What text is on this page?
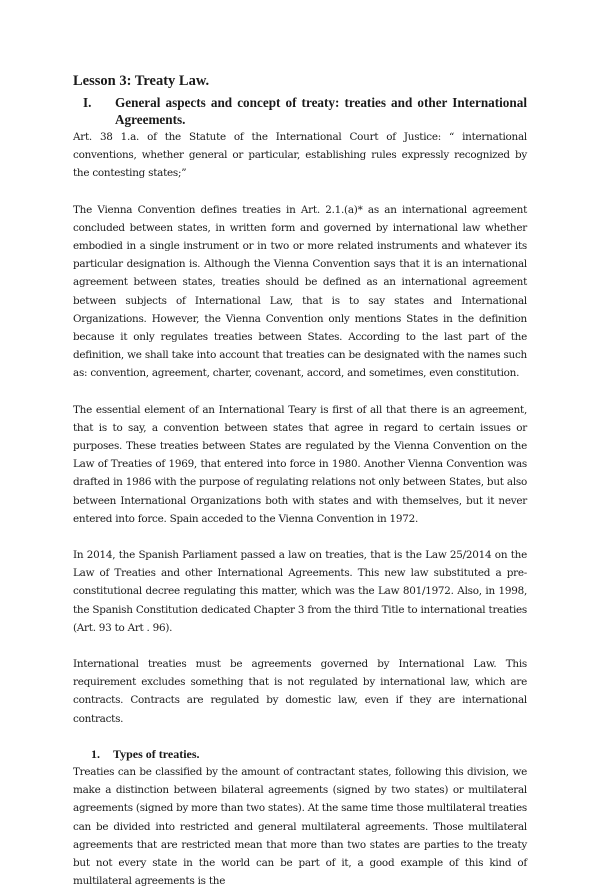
Lesson 3: Treaty Law.
I.	General aspects and concept of treaty: treaties and other International Agreements.

Art. 38 1.a. of the Statute of the International Court of Justice: “ international conventions, whether general or particular, establishing rules expressly recognized by the contesting states;”

The Vienna Convention defines treaties in Art. 2.1.(a)* as an international agreement concluded between states, in written form and governed by international law whether embodied in a single instrument or in two or more related instruments and whatever its particular designation is. Although the Vienna Convention says that it is an international agreement between states, treaties should be defined as an international agreement between subjects of International Law, that is to say states and International Organizations. However, the Vienna Convention only mentions States in the definition because it only regulates treaties between States. According to the last part of the definition, we shall take into account that treaties can be designated with the names such as: convention, agreement, charter, covenant, accord, and sometimes, even constitution.

The essential element of an International Teary is first of all that there is an agreement, that is to say, a convention between states that agree in regard to certain issues or purposes. These treaties between States are regulated by the Vienna Convention on the Law of Treaties of 1969, that entered into force in 1980. Another Vienna Convention was drafted in 1986 with the purpose of regulating relations not only between States, but also between International Organizations both with states and with themselves, but it never entered into force. Spain acceded to the Vienna Convention in 1972.

In 2014, the Spanish Parliament passed a law on treaties, that is the Law 25/2014 on the Law of Treaties and other International Agreements. This new law substituted a pre-constitutional decree regulating this matter, which was the Law 801/1972. Also, in 1998, the Spanish Constitution dedicated Chapter 3 from the third Title to international treaties (Art. 93 to Art . 96).

International treaties must be agreements governed by International Law. This requirement excludes something that is not regulated by international law, which are contracts. Contracts are regulated by domestic law, even if they are international contracts.

1.	Types of treaties.

Treaties can be classified by the amount of contractant states, following this division, we make a distinction between bilateral agreements (signed by two states) or multilateral agreements (signed by more than two states). At the same time those multilateral treaties can be divided into restricted and general multilateral agreements. Those multilateral agreements that are restricted mean that more than two states are parties to the treaty but not every state in the world can be part of it, a good example of this kind of multilateral agreements is the
